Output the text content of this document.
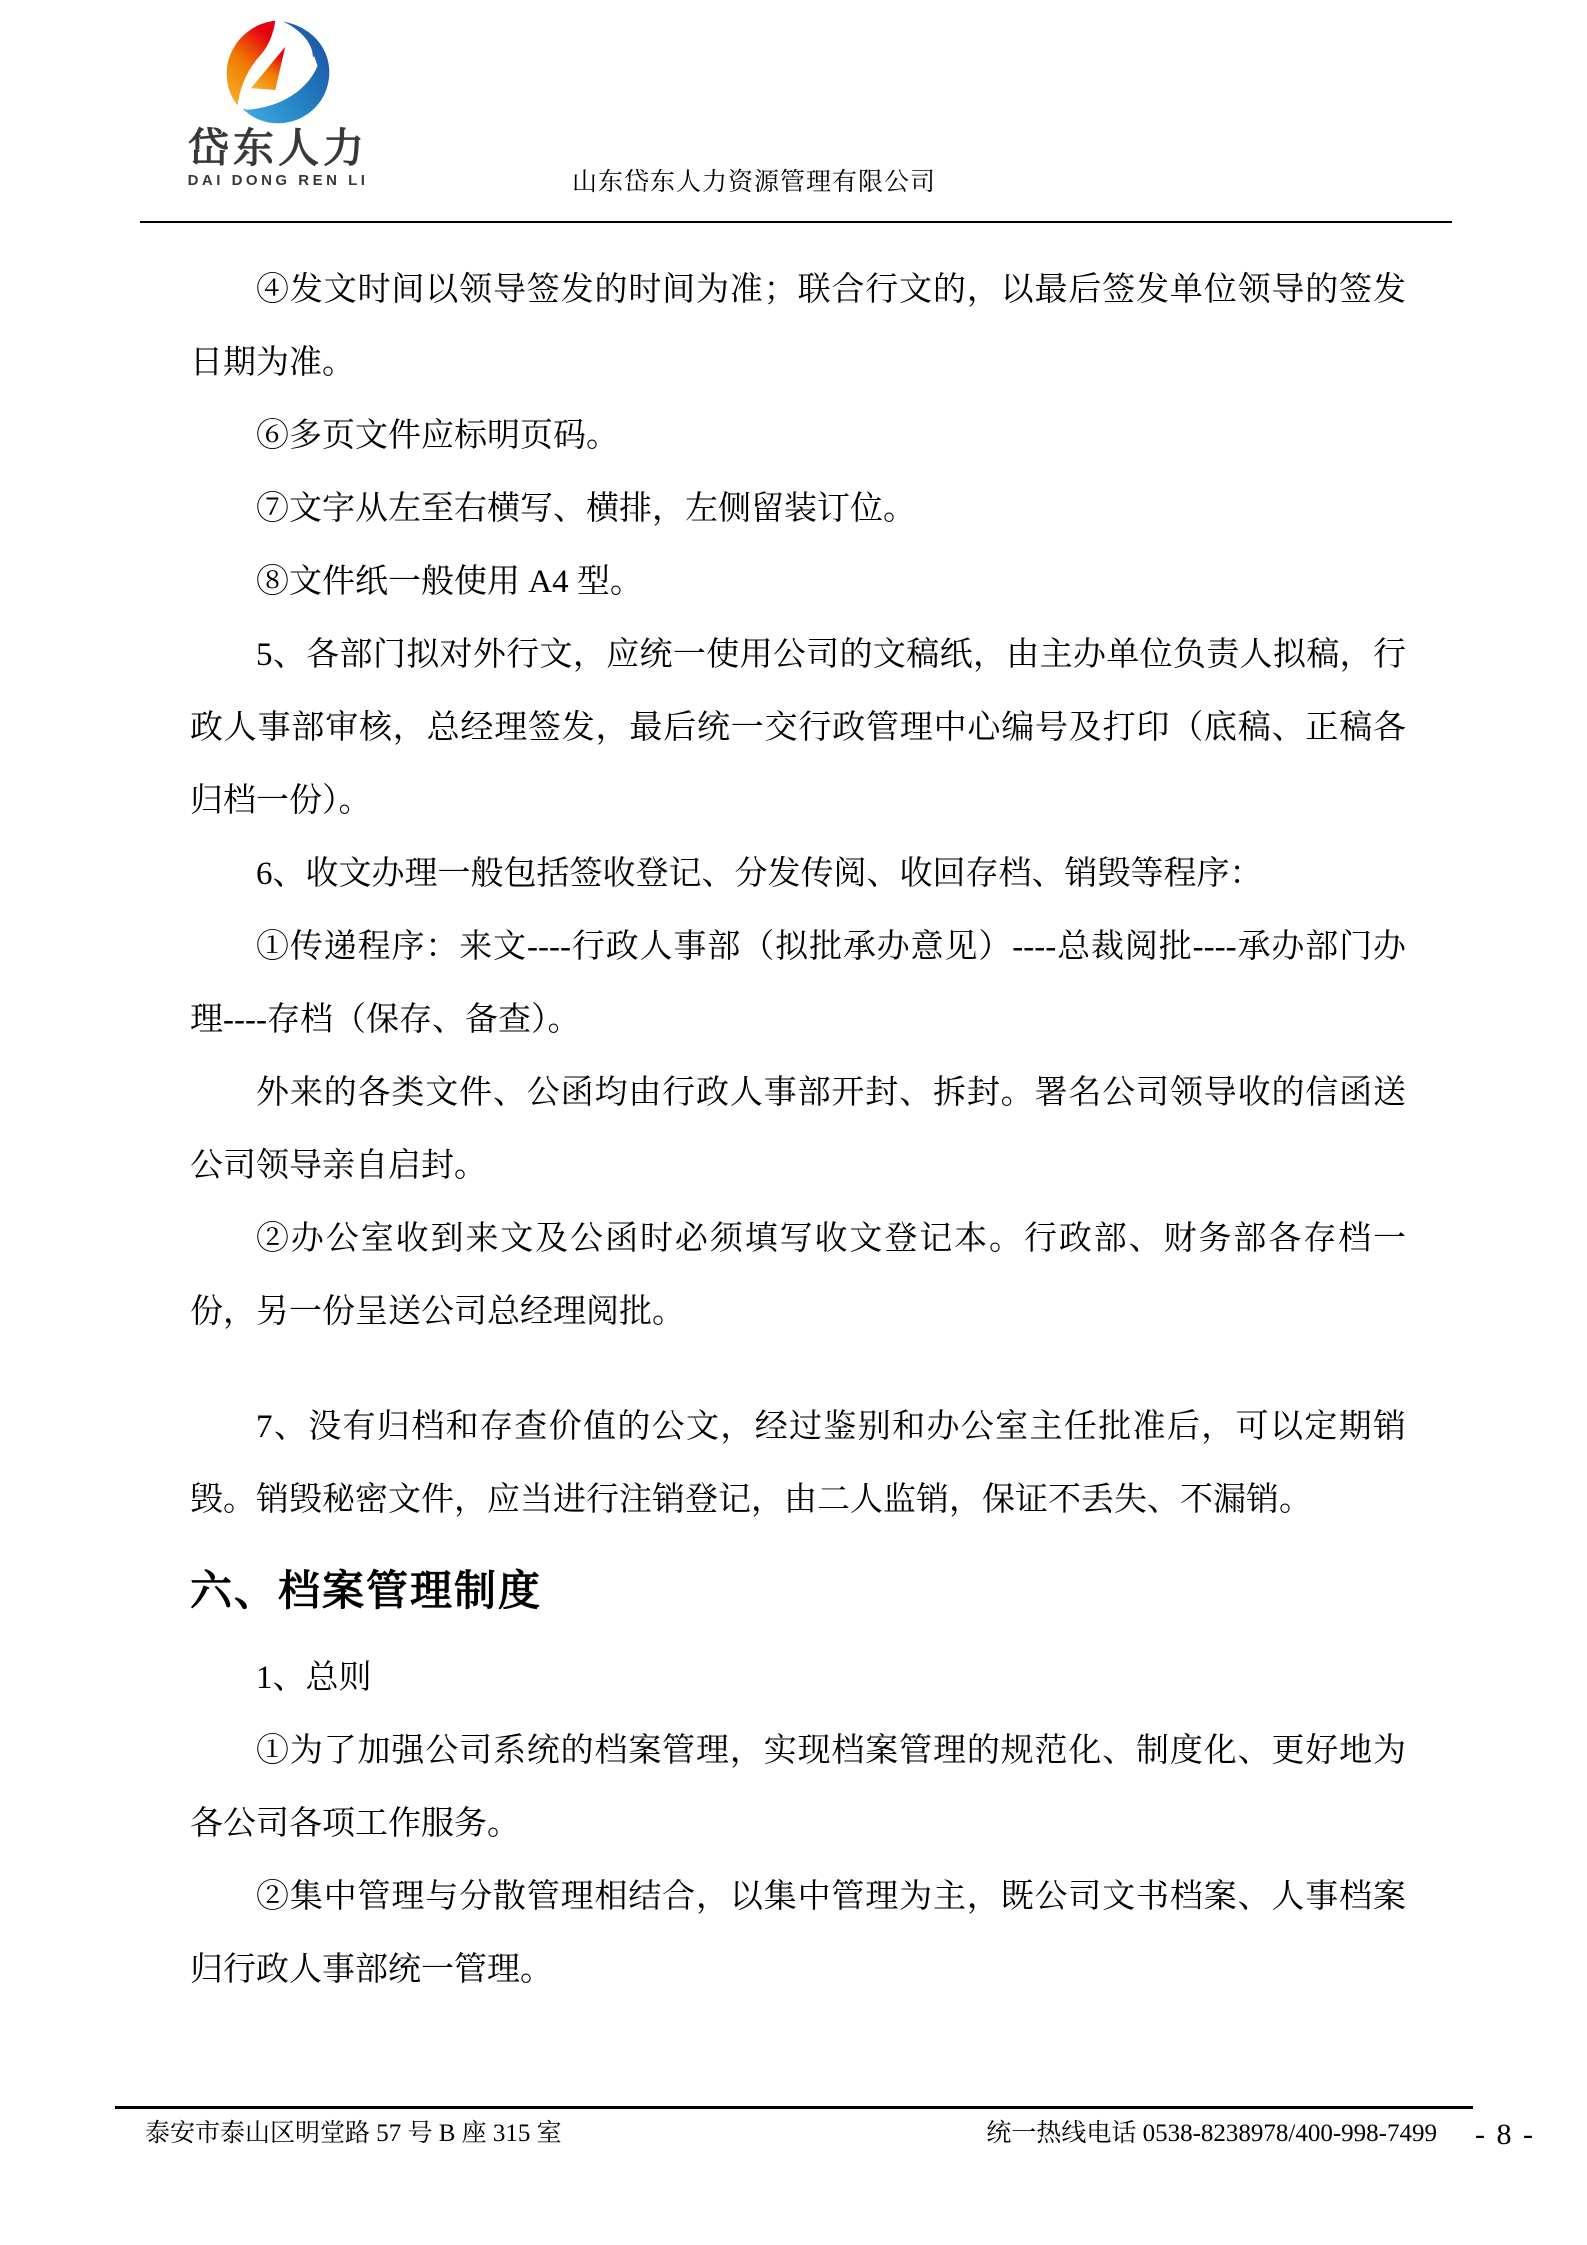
岱东人力
DAI DONG REN LI	山东岱东人力资源管理有限公司

④发文时间以领导签发的时间为准；联合行文的，以最后签发单位领导的签发日期为准。

⑥多页文件应标明页码。

⑦文字从左至右横写、横排，左侧留装订位。

⑧文件纸一般使用 A4 型。

5、各部门拟对外行文，应统一使用公司的文稿纸，由主办单位负责人拟稿，行政人事部审核，总经理签发，最后统一交行政管理中心编号及打印（底稿、正稿各归档一份）。

6、收文办理一般包括签收登记、分发传阅、收回存档、销毁等程序：

①传递程序：来文----行政人事部（拟批承办意见）----总裁阅批----承办部门办理----存档（保存、备查）。

外来的各类文件、公函均由行政人事部开封、拆封。署名公司领导收的信函送公司领导亲自启封。

②办公室收到来文及公函时必须填写收文登记本。行政部、财务部各存档一份，另一份呈送公司总经理阅批。

7、没有归档和存查价值的公文，经过鉴别和办公室主任批准后，可以定期销毁。销毁秘密文件，应当进行注销登记，由二人监销，保证不丢失、不漏销。

六、档案管理制度

1、总则

①为了加强公司系统的档案管理，实现档案管理的规范化、制度化、更好地为各公司各项工作服务。

②集中管理与分散管理相结合，以集中管理为主，既公司文书档案、人事档案归行政人事部统一管理。

泰安市泰山区明堂路 57 号 B 座 315 室	统一热线电话 0538-8238978/400-998-7499 - 8 -
